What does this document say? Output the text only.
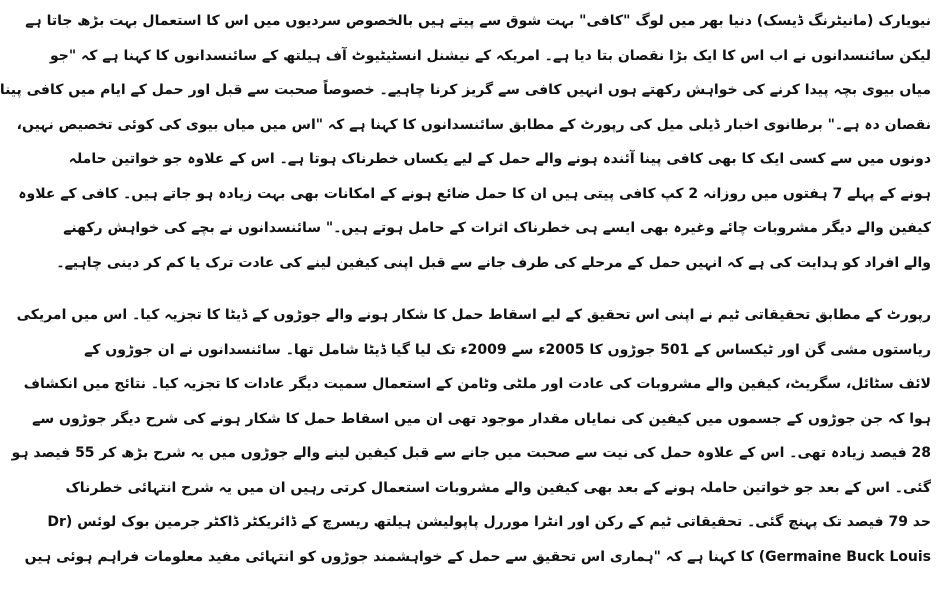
نیویارک (مانیٹرنگ ڈیسک) دنیا بھر میں لوگ "کافی" بہت شوق سے پیتے ہیں بالخصوص سردیوں میں اس کا استعمال بہت بڑھ جاتا ہے
لیکن سائنسدانوں نے اب اس کا ایک بڑا نقصان بتا دیا ہے۔ امریکہ کے نیشنل انسٹیٹیوٹ آف ہیلتھ کے سائنسدانوں کا کہنا ہے کہ "جو
میاں بیوی بچہ پیدا کرنے کی خواہش رکھتے ہوں انہیں کافی سے گریز کرنا چاہیے۔ خصوصاً صحبت سے قبل اور حمل کے ایام میں کافی پینا
نقصان دہ ہے۔" برطانوی اخبار ڈیلی میل کی رپورٹ کے مطابق سائنسدانوں کا کہنا ہے کہ "اس میں میاں بیوی کی کوئی تخصیص نہیں،
دونوں میں سے کسی ایک کا بھی کافی پینا آئندہ ہونے والے حمل کے لیے یکساں خطرناک ہوتا ہے۔ اس کے علاوہ جو خواتین حاملہ
ہونے کے پہلے 7 ہفتوں میں روزانہ 2 کپ کافی پیتی ہیں ان کا حمل ضائع ہونے کے امکانات بھی بہت زیادہ ہو جاتے ہیں۔ کافی کے علاوہ
کیفین والے دیگر مشروبات چائے وغیرہ بھی ایسے ہی خطرناک اثرات کے حامل ہوتے ہیں۔" سائنسدانوں نے بچے کی خواہش رکھنے
والے افراد کو ہدایت کی ہے کہ انہیں حمل کے مرحلے کی طرف جانے سے قبل اپنی کیفین لینے کی عادت ترک یا کم کر دینی چاہیے۔

رپورٹ کے مطابق تحقیقاتی ٹیم نے اپنی اس تحقیق کے لیے اسقاط حمل کا شکار ہونے والے جوڑوں کے ڈیٹا کا تجزیہ کیا۔ اس میں امریکی
ریاستوں مشی گن اور ٹیکساس کے 501 جوڑوں کا 2005ء سے 2009ء تک لیا گیا ڈیٹا شامل تھا۔ سائنسدانوں نے ان جوڑوں کے
لائف سٹائل، سگریٹ، کیفین والے مشروبات کی عادت اور ملٹی وٹامن کے استعمال سمیت دیگر عادات کا تجزیہ کیا۔ نتائج میں انکشاف
ہوا کہ جن جوڑوں کے جسموں میں کیفین کی نمایاں مقدار موجود تھی ان میں اسقاط حمل کا شکار ہونے کی شرح دیگر جوڑوں سے
28 فیصد زیادہ تھی۔ اس کے علاوہ حمل کی نیت سے صحبت میں جانے سے قبل کیفین لینے والے جوڑوں میں یہ شرح بڑھ کر 55 فیصد ہو
گئی۔ اس کے بعد جو خواتین حاملہ ہونے کے بعد بھی کیفین والے مشروبات استعمال کرتی رہیں ان میں یہ شرح انتہائی خطرناک
حد 79 فیصد تک پہنچ گئی۔ تحقیقاتی ٹیم کے رکن اور انٹرا موررل پاپولیشن ہیلتھ ریسرچ کے ڈائریکٹر ڈاکٹر جرمین بوک لوئس (Dr
Germaine Buck Louis) کا کہنا ہے کہ "ہماری اس تحقیق سے حمل کے خواہشمند جوڑوں کو انتہائی مفید معلومات فراہم ہوئی ہیں
